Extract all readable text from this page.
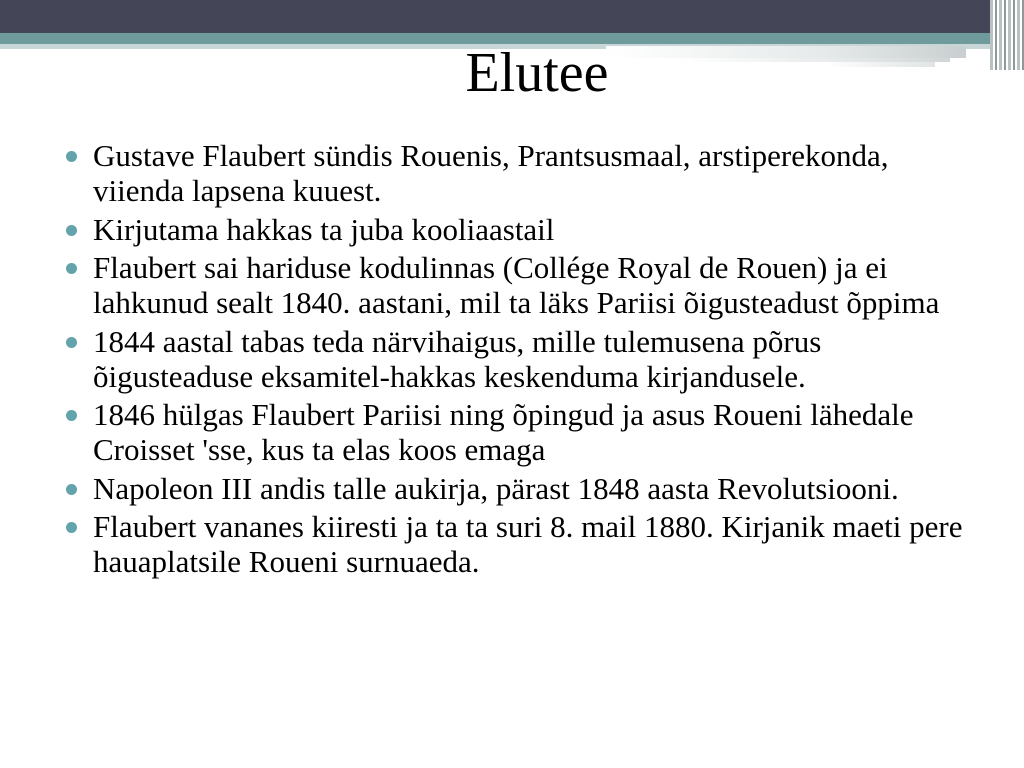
Elutee
Gustave Flaubert sündis Rouenis, Prantsusmaal, arstiperekonda, viienda lapsena kuuest.
Kirjutama hakkas ta juba kooliaastail
Flaubert sai hariduse kodulinnas (Collége Royal de Rouen) ja ei lahkunud sealt 1840. aastani, mil ta läks Pariisi õigusteadust õppima
1844 aastal tabas teda närvihaigus, mille tulemusena põrus õigusteaduse eksamitel-hakkas keskenduma kirjandusele.
1846 hülgas Flaubert Pariisi ning õpingud ja asus Roueni lähedale Croisset 'sse, kus ta elas koos emaga
Napoleon III andis talle aukirja, pärast 1848 aasta Revolutsiooni.
Flaubert vananes kiiresti ja ta ta suri 8. mail 1880. Kirjanik maeti pere hauaplatsile Roueni surnuaeda.
